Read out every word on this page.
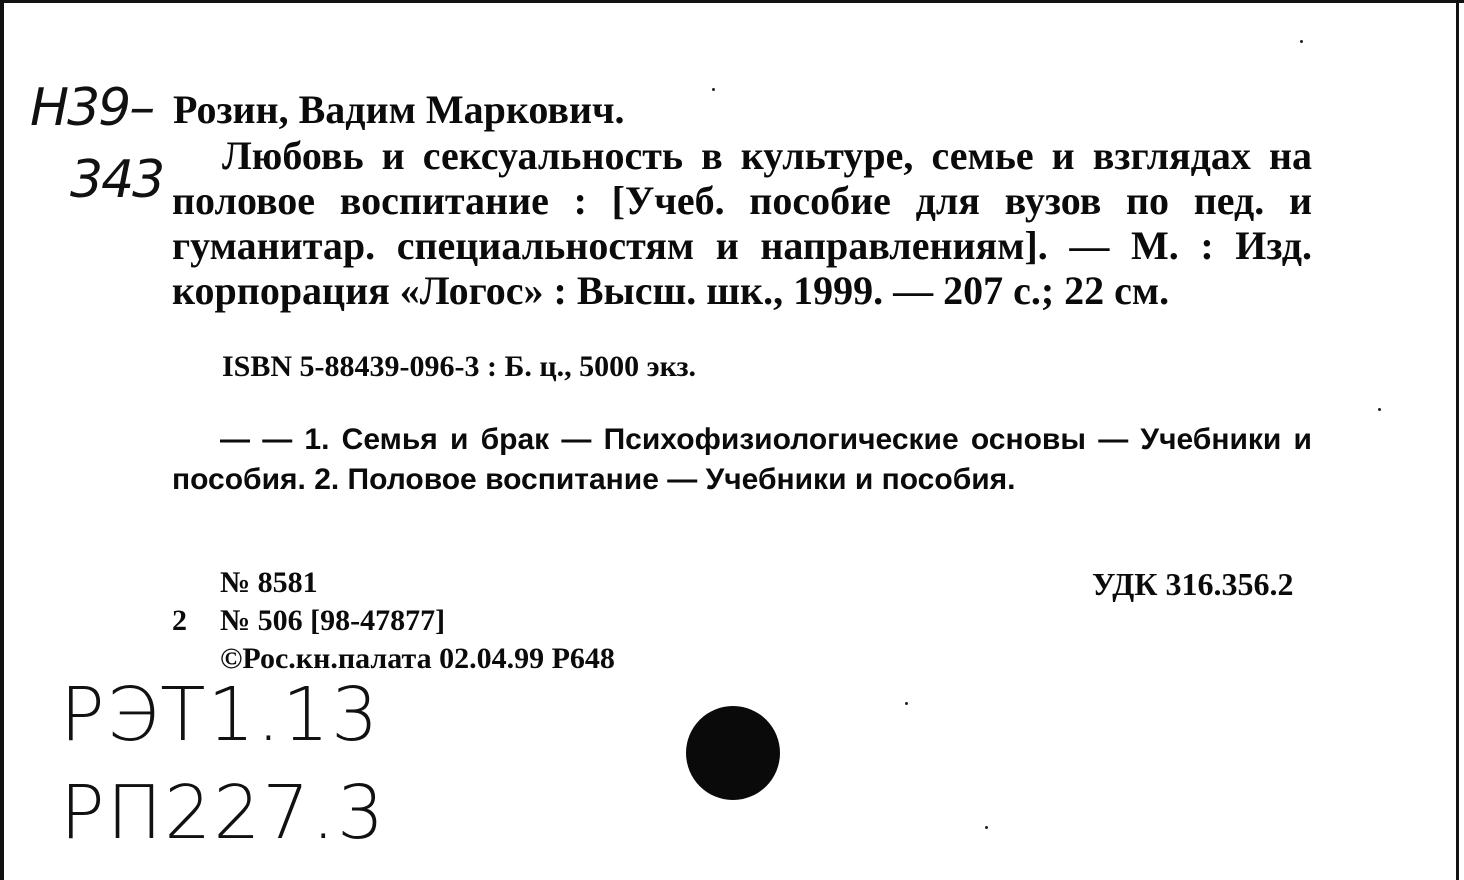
Н39–
343
Розин, Вадим Маркович.
Любовь и сексуальность в культуре, семье и взглядах на половое воспитание : [Учеб. пособие для вузов по пед. и гуманитар. специальностям и направлениям]. — М. : Изд. корпорация «Логос» : Высш. шк., 1999. — 207 с.; 22 см.
ISBN 5-88439-096-3 : Б. ц., 5000 экз.
— — 1. Семья и брак — Психофизиологические основы — Учебники и пособия. 2. Половое воспитание — Учебники и пособия.
№ 8581
2 № 506 [98-47877]
©Рос.кн.палата 02.04.99 Р648
УДК 316.356.2
РЭТ1.13
РП227.3
